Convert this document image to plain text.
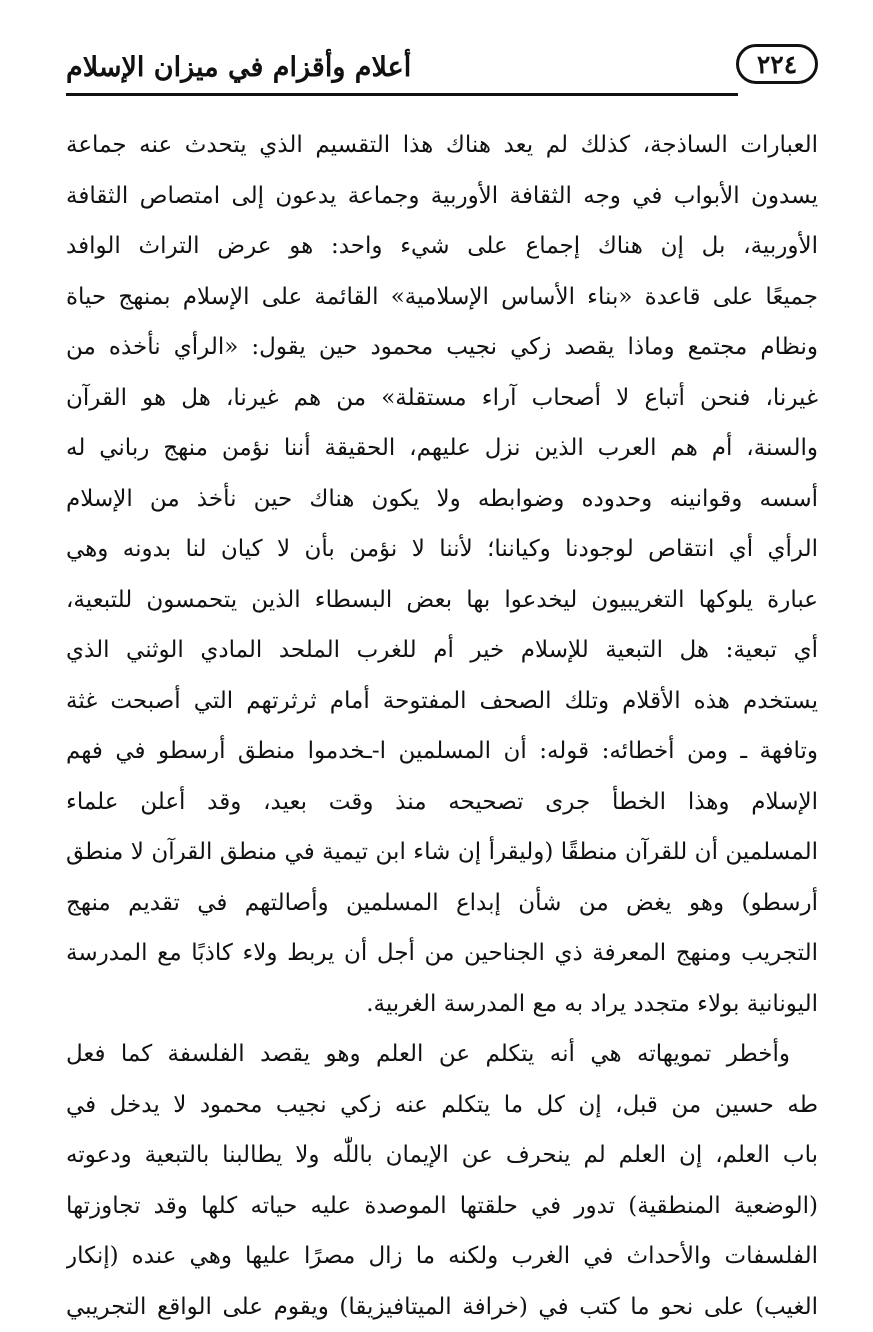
٢٢٤
أعلام وأقزام في ميزان الإسلام
العبارات الساذجة، كذلك لم يعد هناك هذا التقسيم الذي يتحدث عنه جماعة
يسدون الأبواب في وجه الثقافة الأوربية وجماعة يدعون إلى امتصاص الثقافة
الأوربية، بل إن هناك إجماع على شيء واحد: هو عرض التراث الوافد
جميعًا على قاعدة «بناء الأساس الإسلامية» القائمة على الإسلام بمنهج حياة
ونظام مجتمع وماذا يقصد زكي نجيب محمود حين يقول: «الرأي نأخذه من
غيرنا، فنحن أتباع لا أصحاب آراء مستقلة» من هم غيرنا، هل هو القرآن
والسنة، أم هم العرب الذين نزل عليهم، الحقيقة أننا نؤمن منهج رباني له
أسسه وقوانينه وحدوده وضوابطه ولا يكون هناك حين نأخذ من الإسلام
الرأي أي انتقاص لوجودنا وكياننا؛ لأننا لا نؤمن بأن لا كيان لنا بدونه وهي
عبارة يلوكها التغريبيون ليخدعوا بها بعض البسطاء الذين يتحمسون للتبعية،
أي تبعية: هل التبعية للإسلام خير أم للغرب الملحد المادي الوثني الذي
يستخدم هذه الأقلام وتلك الصحف المفتوحة أمام ثرثرتهم التي أصبحت غثة
وتافهة ـ ومن أخطائه: قوله: أن المسلمين ا-ـخدموا منطق أرسطو في فهم
الإسلام وهذا الخطأ جرى تصحيحه منذ وقت بعيد، وقد أعلن علماء
المسلمين أن للقرآن منطقًا (وليقرأ إن شاء ابن تيمية في منطق القرآن لا منطق
أرسطو) وهو يغض من شأن إبداع المسلمين وأصالتهم في تقديم منهج
التجريب ومنهج المعرفة ذي الجناحين من أجل أن يربط ولاء كاذبًا مع المدرسة
اليونانية بولاء متجدد يراد به مع المدرسة الغربية.
وأخطر تمويهاته هي أنه يتكلم عن العلم وهو يقصد الفلسفة كما فعل
طه حسين من قبل، إن كل ما يتكلم عنه زكي نجيب محمود لا يدخل في
باب العلم، إن العلم لم ينحرف عن الإيمان باللّٰه ولا يطالبنا بالتبعية ودعوته
(الوضعية المنطقية) تدور في حلقتها الموصدة عليه حياته كلها وقد تجاوزتها
الفلسفات والأحداث في الغرب ولكنه ما زال مصرًا عليها وهي عنده (إنكار
الغيب) على نحو ما كتب في (خرافة الميتافيزيقا) ويقوم على الواقع التجريبي
